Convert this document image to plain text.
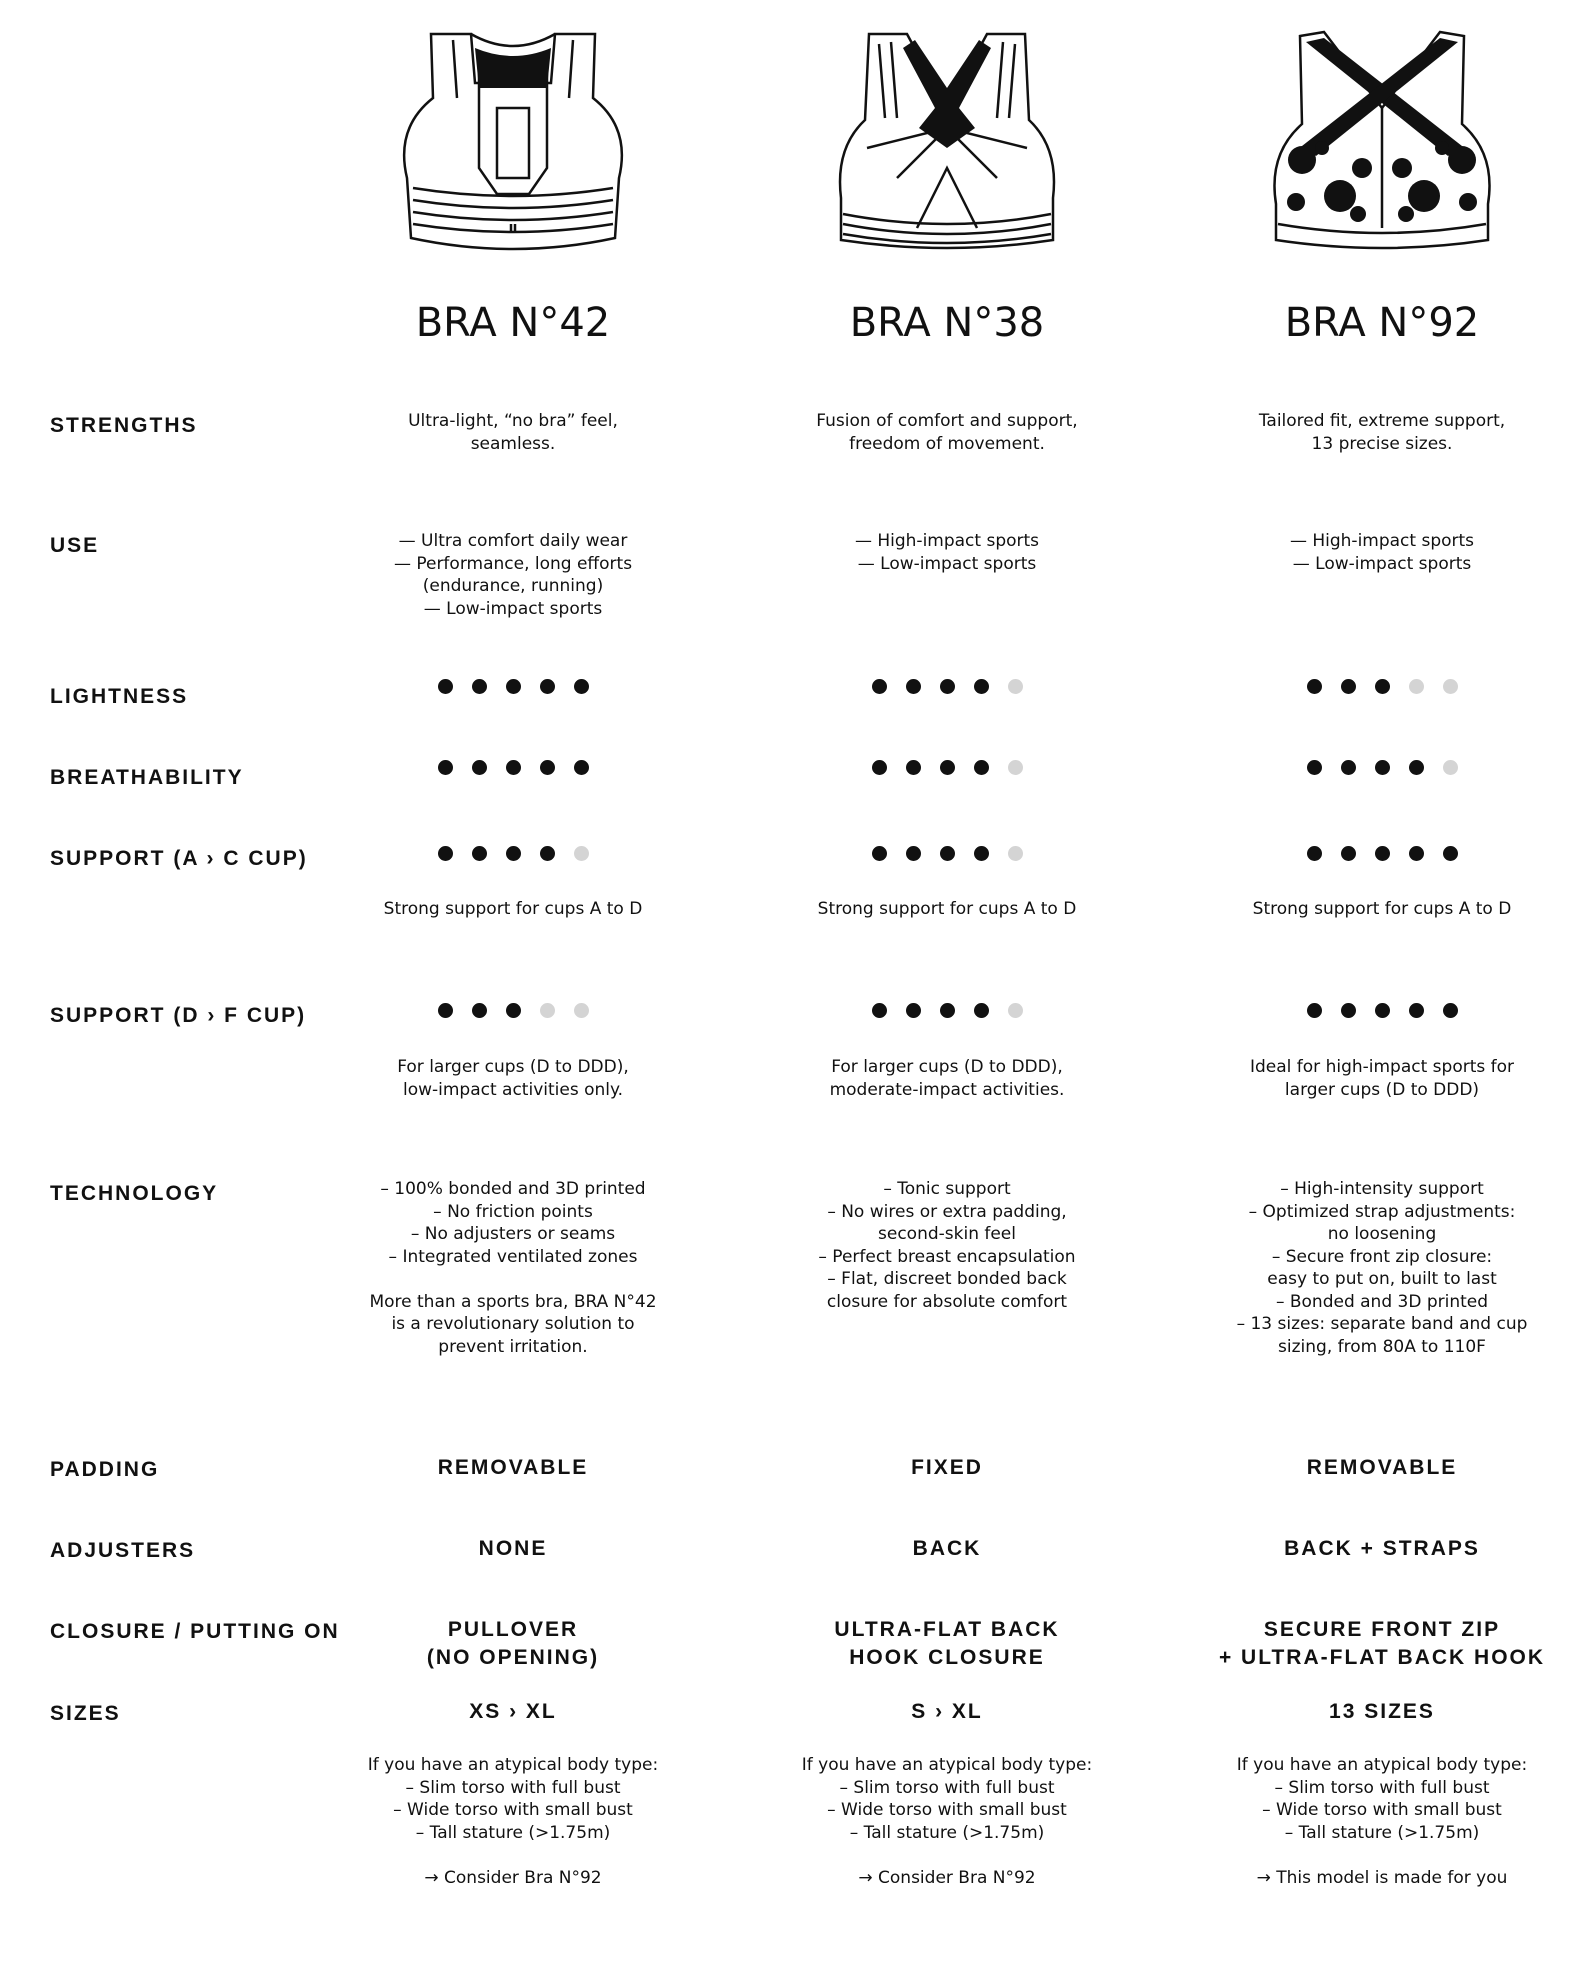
BRA N°42	BRA N°38	BRA N°92
STRENGTHS
USE
LIGHTNESS
BREATHABILITY
SUPPORT (A › C CUP)
SUPPORT (D › F CUP)
TECHNOLOGY
PADDING
ADJUSTERS
CLOSURE / PUTTING ON
SIZES
Ultra-light, “no bra” feel,
seamless.
— Ultra comfort daily wear
— Performance, long efforts
(endurance, running)
— Low-impact sports
Strong support for cups A to D
For larger cups (D to DDD),
low-impact activities only.
– 100% bonded and 3D printed
– No friction points
– No adjusters or seams
– Integrated ventilated zones
More than a sports bra, BRA N°42
is a revolutionary solution to
prevent irritation.
REMOVABLE
NONE
PULLOVER
(NO OPENING)
XS › XL
If you have an atypical body type:
– Slim torso with full bust
– Wide torso with small bust
– Tall stature (>1.75m)
→ Consider Bra N°92
Fusion of comfort and support,
freedom of movement.
— High-impact sports
— Low-impact sports
Strong support for cups A to D
For larger cups (D to DDD),
moderate-impact activities.
– Tonic support
– No wires or extra padding,
second-skin feel
– Perfect breast encapsulation
– Flat, discreet bonded back
closure for absolute comfort
FIXED
BACK
ULTRA-FLAT BACK
HOOK CLOSURE
S › XL
If you have an atypical body type:
– Slim torso with full bust
– Wide torso with small bust
– Tall stature (>1.75m)
→ Consider Bra N°92
Tailored fit, extreme support,
13 precise sizes.
— High-impact sports
— Low-impact sports
Strong support for cups A to D
Ideal for high-impact sports for
larger cups (D to DDD)
– High-intensity support
– Optimized strap adjustments:
no loosening
– Secure front zip closure:
easy to put on, built to last
– Bonded and 3D printed
– 13 sizes: separate band and cup
sizing, from 80A to 110F
REMOVABLE
BACK + STRAPS
SECURE FRONT ZIP
+ ULTRA-FLAT BACK HOOK
13 SIZES
If you have an atypical body type:
– Slim torso with full bust
– Wide torso with small bust
– Tall stature (>1.75m)
→ This model is made for you
